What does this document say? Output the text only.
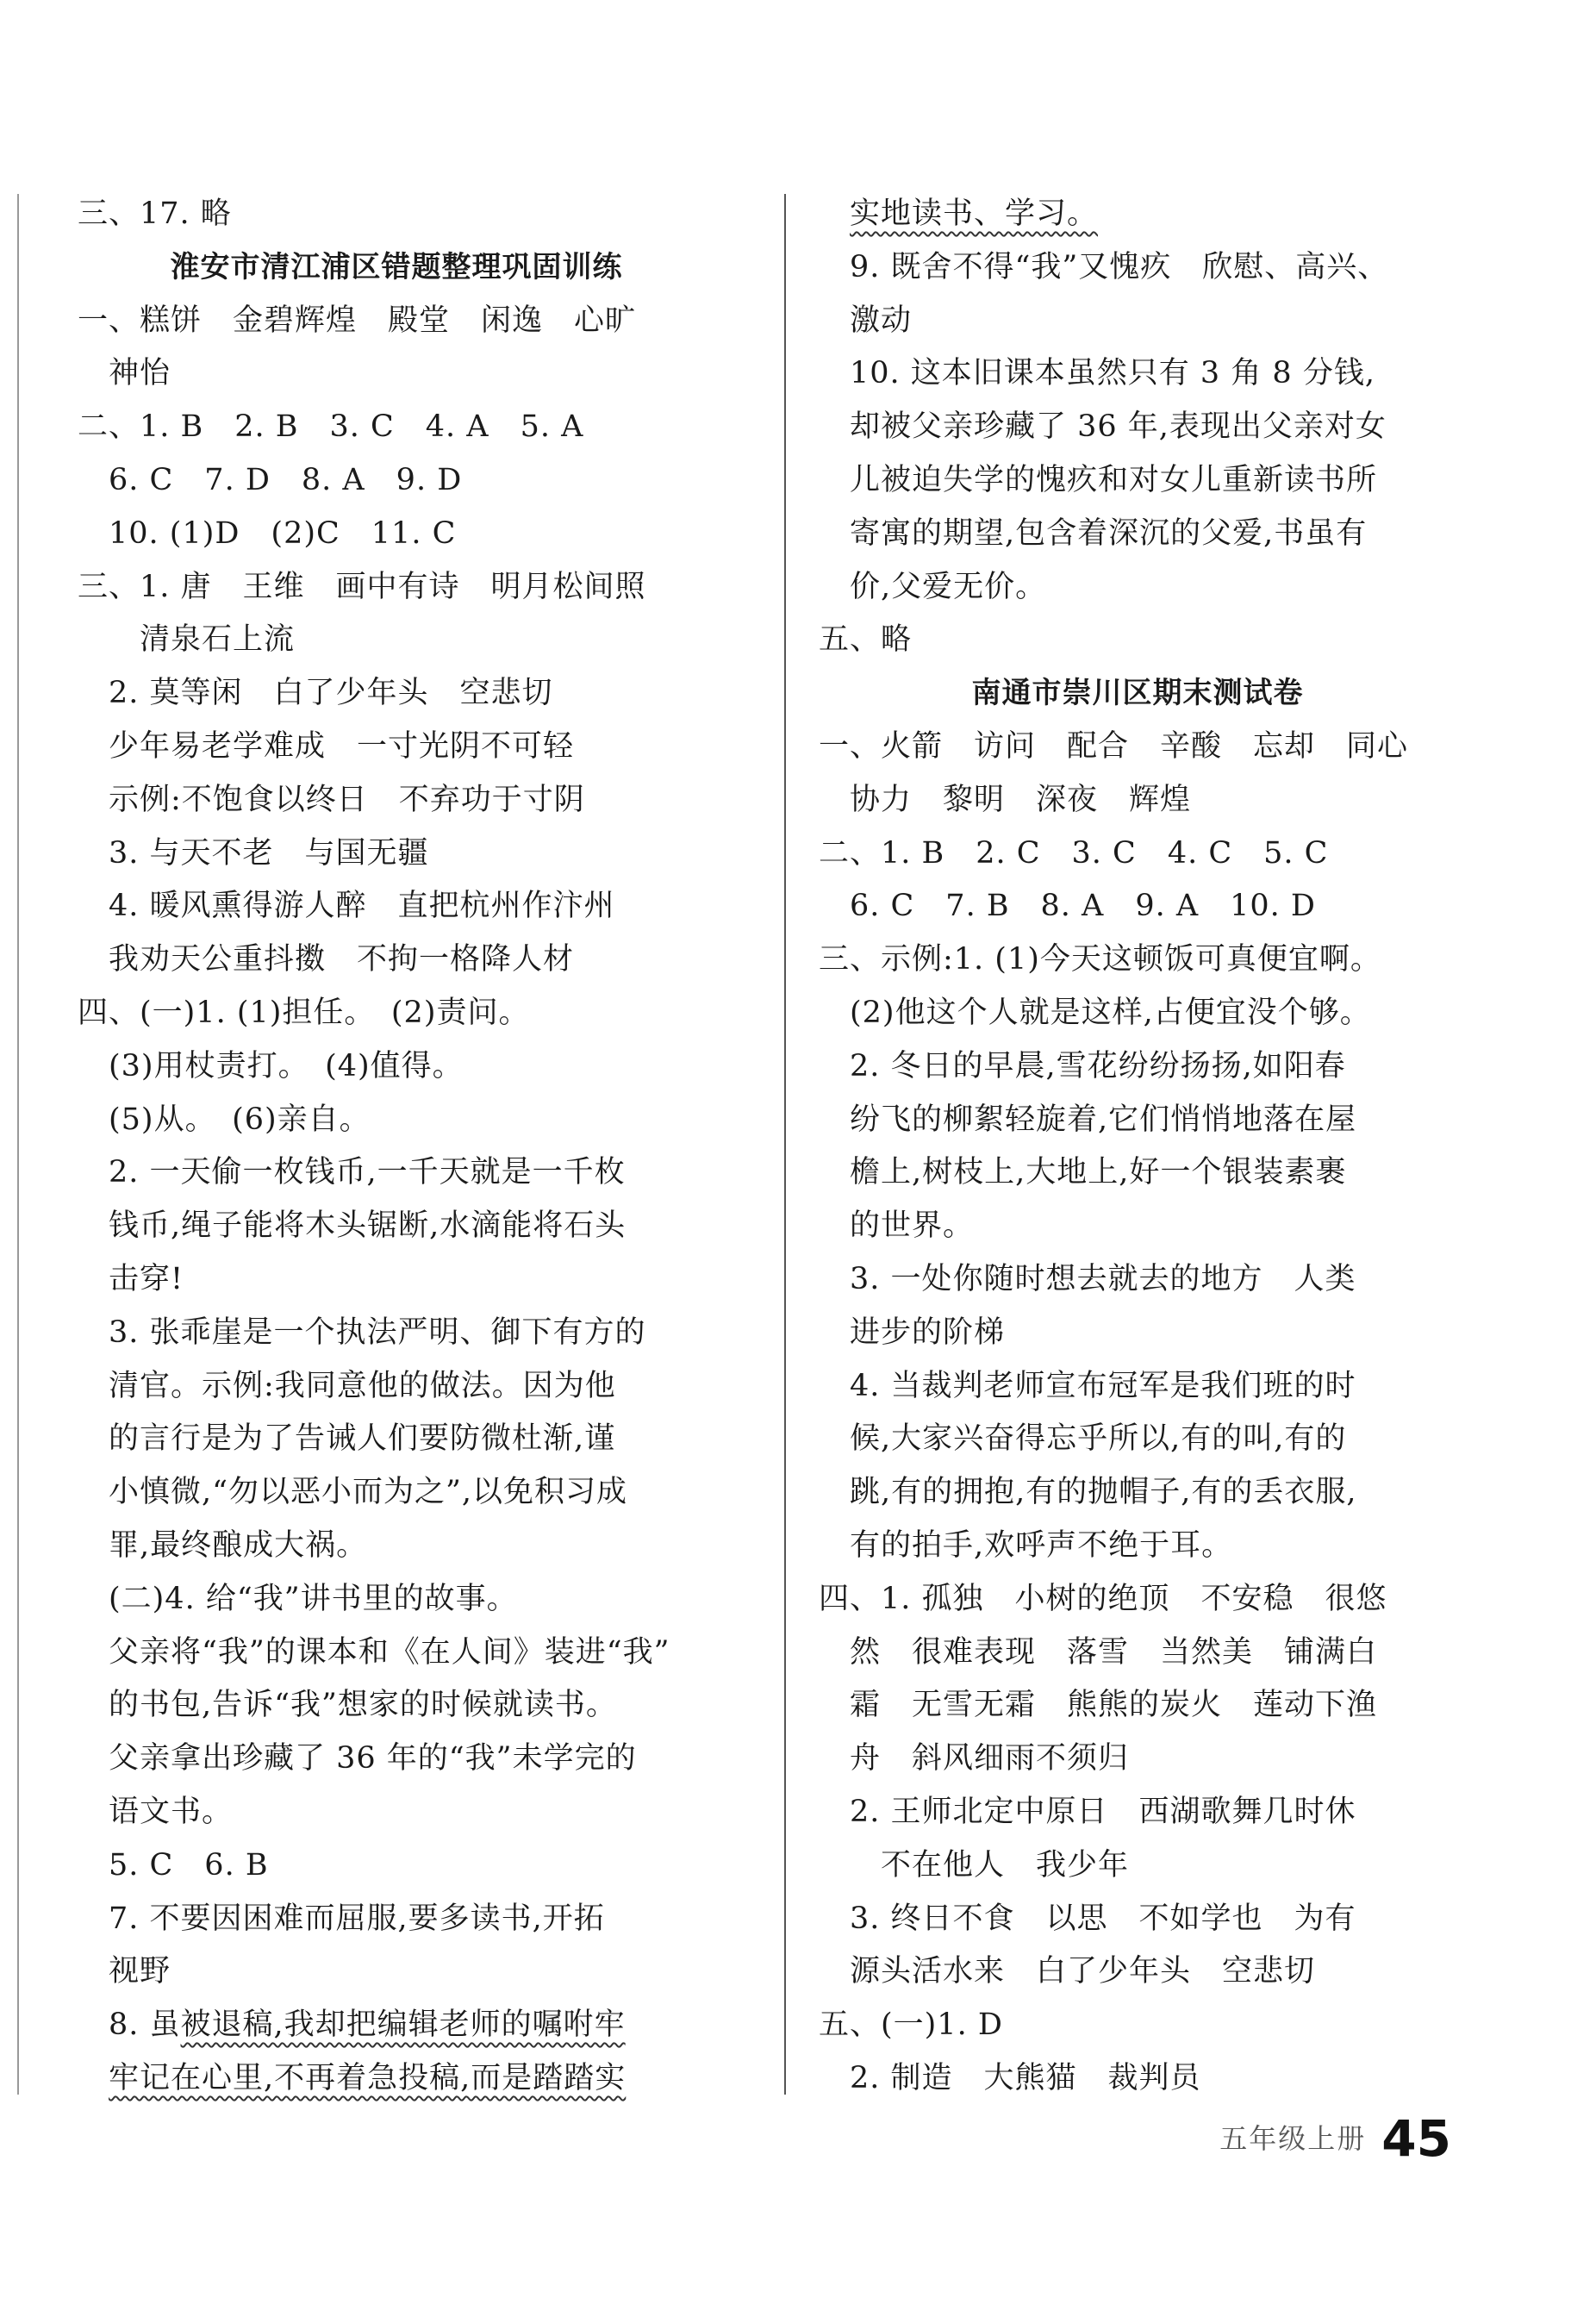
三、17. 略
淮安市清江浦区错题整理巩固训练
一、糕饼　金碧辉煌　殿堂　闲逸　心旷
　神怡
二、1. B　2. B　3. C　4. A　5. A
　6. C　7. D　8. A　9. D
　10. (1)D　(2)C　11. C
三、1. 唐　王维　画中有诗　明月松间照
　　清泉石上流
　2. 莫等闲　白了少年头　空悲切
　少年易老学难成　一寸光阴不可轻
　示例:不饱食以终日　不弃功于寸阴
　3. 与天不老　与国无疆
　4. 暖风熏得游人醉　直把杭州作汴州
　我劝天公重抖擞　不拘一格降人材
四、(一)1. (1)担任。　(2)责问。
　(3)用杖责打。　(4)值得。
　(5)从。　(6)亲自。
　2. 一天偷一枚钱币,一千天就是一千枚
　钱币,绳子能将木头锯断,水滴能将石头
　击穿!
　3. 张乖崖是一个执法严明、御下有方的
　清官。示例:我同意他的做法。因为他
　的言行是为了告诫人们要防微杜渐,谨
　小慎微,“勿以恶小而为之”,以免积习成
　罪,最终酿成大祸。
　(二)4. 给“我”讲书里的故事。
　父亲将“我”的课本和《在人间》装进“我”
　的书包,告诉“我”想家的时候就读书。
　父亲拿出珍藏了 36 年的“我”未学完的
　语文书。
　5. C　6. B
　7. 不要因困难而屈服,要多读书,开拓
　视野
　8. 虽被退稿,我却把编辑老师的嘱咐牢
　牢记在心里,不再着急投稿,而是踏踏实
　实地读书、学习。
　9. 既舍不得“我”又愧疚　欣慰、高兴、
　激动
　10. 这本旧课本虽然只有 3 角 8 分钱,
　却被父亲珍藏了 36 年,表现出父亲对女
　儿被迫失学的愧疚和对女儿重新读书所
　寄寓的期望,包含着深沉的父爱,书虽有
　价,父爱无价。
五、略
南通市崇川区期末测试卷
一、火箭　访问　配合　辛酸　忘却　同心
　协力　黎明　深夜　辉煌
二、1. B　2. C　3. C　4. C　5. C
　6. C　7. B　8. A　9. A　10. D
三、示例:1. (1)今天这顿饭可真便宜啊。
　(2)他这个人就是这样,占便宜没个够。
　2. 冬日的早晨,雪花纷纷扬扬,如阳春
　纷飞的柳絮轻旋着,它们悄悄地落在屋
　檐上,树枝上,大地上,好一个银装素裹
　的世界。
　3. 一处你随时想去就去的地方　人类
　进步的阶梯
　4. 当裁判老师宣布冠军是我们班的时
　候,大家兴奋得忘乎所以,有的叫,有的
　跳,有的拥抱,有的抛帽子,有的丢衣服,
　有的拍手,欢呼声不绝于耳。
四、1. 孤独　小树的绝顶　不安稳　很悠
　然　很难表现　落雪　当然美　铺满白
　霜　无雪无霜　熊熊的炭火　莲动下渔
　舟　斜风细雨不须归
　2. 王师北定中原日　西湖歌舞几时休
　　不在他人　我少年
　3. 终日不食　以思　不如学也　为有
　源头活水来　白了少年头　空悲切
五、(一)1. D
　2. 制造　大熊猫　裁判员
五年级上册 45
